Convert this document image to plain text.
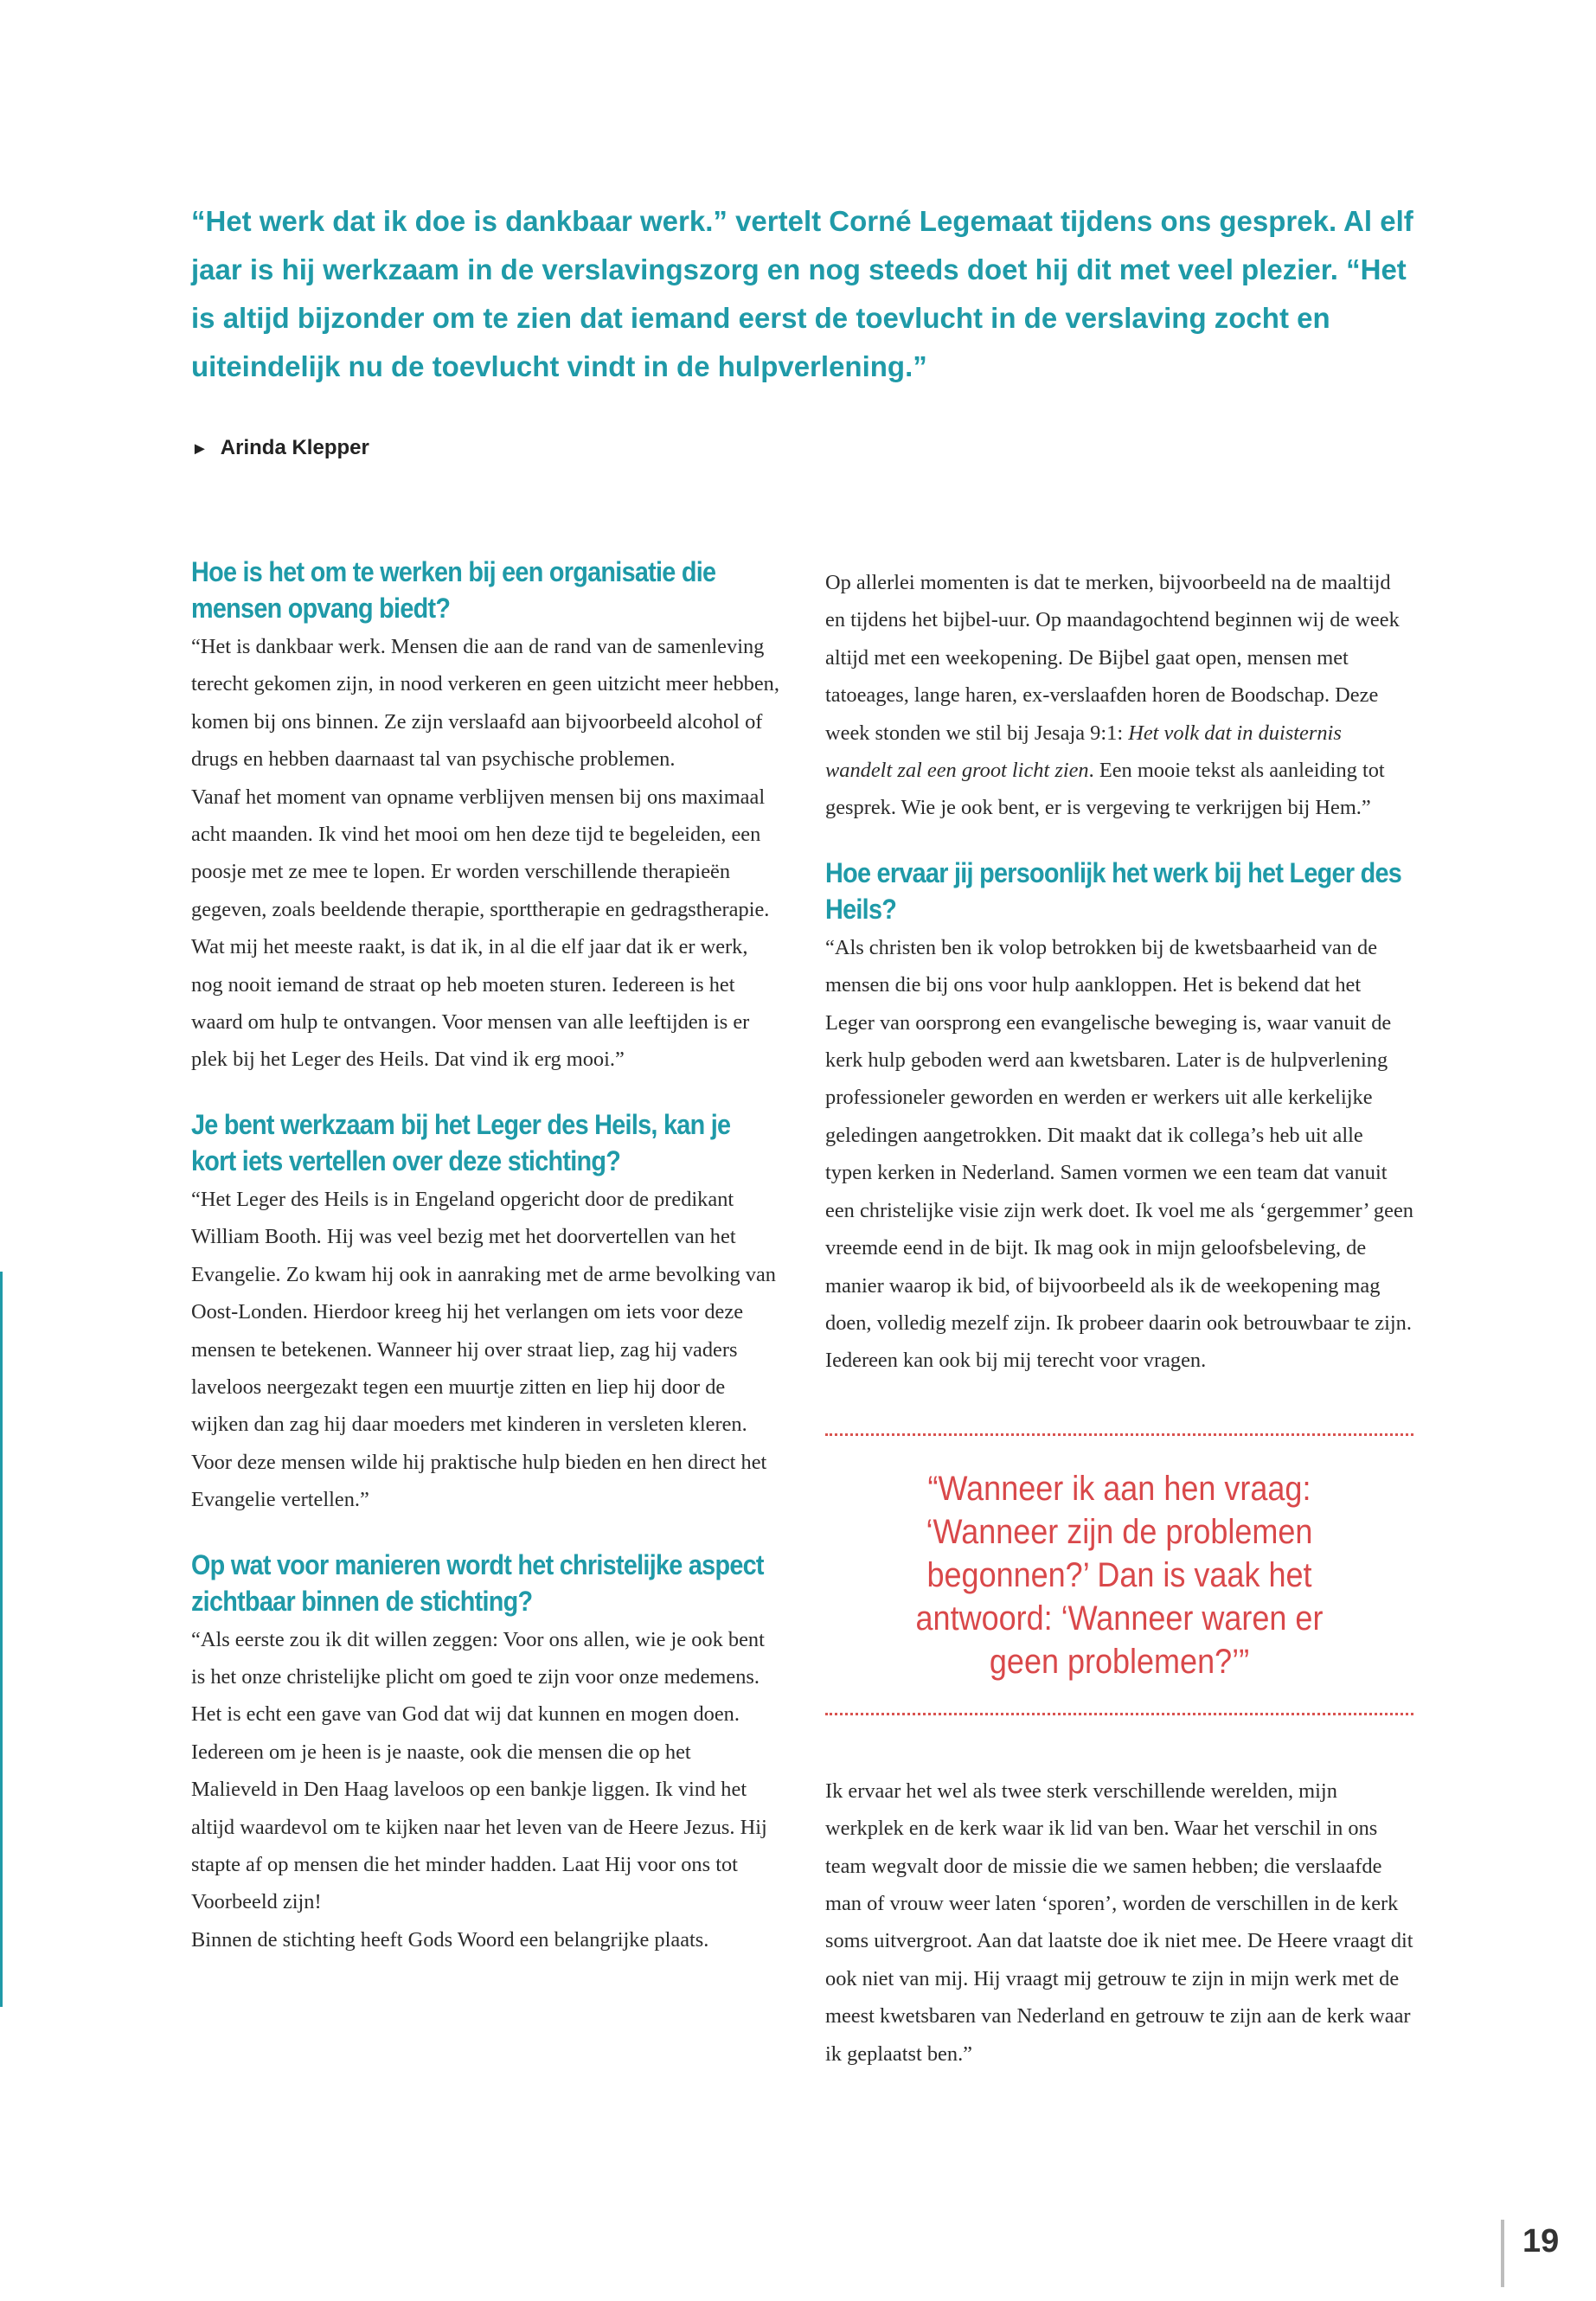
“Het werk dat ik doe is dankbaar werk.” vertelt Corné Legemaat tijdens ons gesprek. Al elf jaar is hij werkzaam in de verslavingszorg en nog steeds doet hij dit met veel plezier. “Het is altijd bijzonder om te zien dat iemand eerst de toevlucht in de verslaving zocht en uiteindelijk nu de toevlucht vindt in de hulpverlening.”

► Arinda Klepper
Hoe is het om te werken bij een organisatie die mensen opvang biedt?

“Het is dankbaar werk. Mensen die aan de rand van de samenleving terecht gekomen zijn, in nood verkeren en geen uitzicht meer hebben, komen bij ons binnen. Ze zijn verslaafd aan bijvoorbeeld alcohol of drugs en hebben daarnaast tal van psychische problemen.

Vanaf het moment van opname verblijven mensen bij ons maximaal acht maanden. Ik vind het mooi om hen deze tijd te begeleiden, een poosje met ze mee te lopen. Er worden verschillende therapieën gegeven, zoals beeldende therapie, sporttherapie en gedragstherapie.

Wat mij het meeste raakt, is dat ik, in al die elf jaar dat ik er werk, nog nooit iemand de straat op heb moeten sturen. Iedereen is het waard om hulp te ontvangen. Voor mensen van alle leeftijden is er plek bij het Leger des Heils. Dat vind ik erg mooi.”

Je bent werkzaam bij het Leger des Heils, kan je kort iets vertellen over deze stichting?

“Het Leger des Heils is in Engeland opgericht door de predikant William Booth. Hij was veel bezig met het doorvertellen van het Evangelie. Zo kwam hij ook in aanraking met de arme bevolking van Oost-Londen. Hierdoor kreeg hij het verlangen om iets voor deze mensen te betekenen. Wanneer hij over straat liep, zag hij vaders laveloos neergezakt tegen een muurtje zitten en liep hij door de wijken dan zag hij daar moeders met kinderen in versleten kleren. Voor deze mensen wilde hij praktische hulp bieden en hen direct het Evangelie vertellen.”

Op wat voor manieren wordt het christelijke aspect zichtbaar binnen de stichting?

“Als eerste zou ik dit willen zeggen: Voor ons allen, wie je ook bent is het onze christelijke plicht om goed te zijn voor onze medemens. Het is echt een gave van God dat wij dat kunnen en mogen doen. Iedereen om je heen is je naaste, ook die mensen die op het Malieveld in Den Haag laveloos op een bankje liggen. Ik vind het altijd waardevol om te kijken naar het leven van de Heere Jezus. Hij stapte af op mensen die het minder hadden. Laat Hij voor ons tot Voorbeeld zijn!

Binnen de stichting heeft Gods Woord een belangrijke plaats.

Op allerlei momenten is dat te merken, bijvoorbeeld na de maaltijd en tijdens het bijbel-uur. Op maandagochtend beginnen wij de week altijd met een weekopening. De Bijbel gaat open, mensen met tatoeages, lange haren, ex-verslaafden horen de Boodschap. Deze week stonden we stil bij Jesaja 9:1: Het volk dat in duisternis wandelt zal een groot licht zien. Een mooie tekst als aanleiding tot gesprek. Wie je ook bent, er is vergeving te verkrijgen bij Hem.”

Hoe ervaar jij persoonlijk het werk bij het Leger des Heils?

“Als christen ben ik volop betrokken bij de kwetsbaarheid van de mensen die bij ons voor hulp aankloppen. Het is bekend dat het Leger van oorsprong een evangelische beweging is, waar vanuit de kerk hulp geboden werd aan kwetsbaren. Later is de hulpverlening professioneler geworden en werden er werkers uit alle kerkelijke geledingen aangetrokken. Dit maakt dat ik collega’s heb uit alle typen kerken in Nederland. Samen vormen we een team dat vanuit een christelijke visie zijn werk doet. Ik voel me als ‘gergemmer’ geen vreemde eend in de bijt. Ik mag ook in mijn geloofsbeleving, de manier waarop ik bid, of bijvoorbeeld als ik de weekopening mag doen, volledig mezelf zijn. Ik probeer daarin ook betrouwbaar te zijn. Iedereen kan ook bij mij terecht voor vragen.

“Wanneer ik aan hen vraag: ‘Wanneer zijn de problemen begonnen?’ Dan is vaak het antwoord: ‘Wanneer waren er geen problemen?’”

Ik ervaar het wel als twee sterk verschillende werelden, mijn werkplek en de kerk waar ik lid van ben. Waar het verschil in ons team wegvalt door de missie die we samen hebben; die verslaafde man of vrouw weer laten ‘sporen’, worden de verschillen in de kerk soms uitvergroot. Aan dat laatste doe ik niet mee. De Heere vraagt dit ook niet van mij. Hij vraagt mij getrouw te zijn in mijn werk met de meest kwetsbaren van Nederland en getrouw te zijn aan de kerk waar ik geplaatst ben.”

19
